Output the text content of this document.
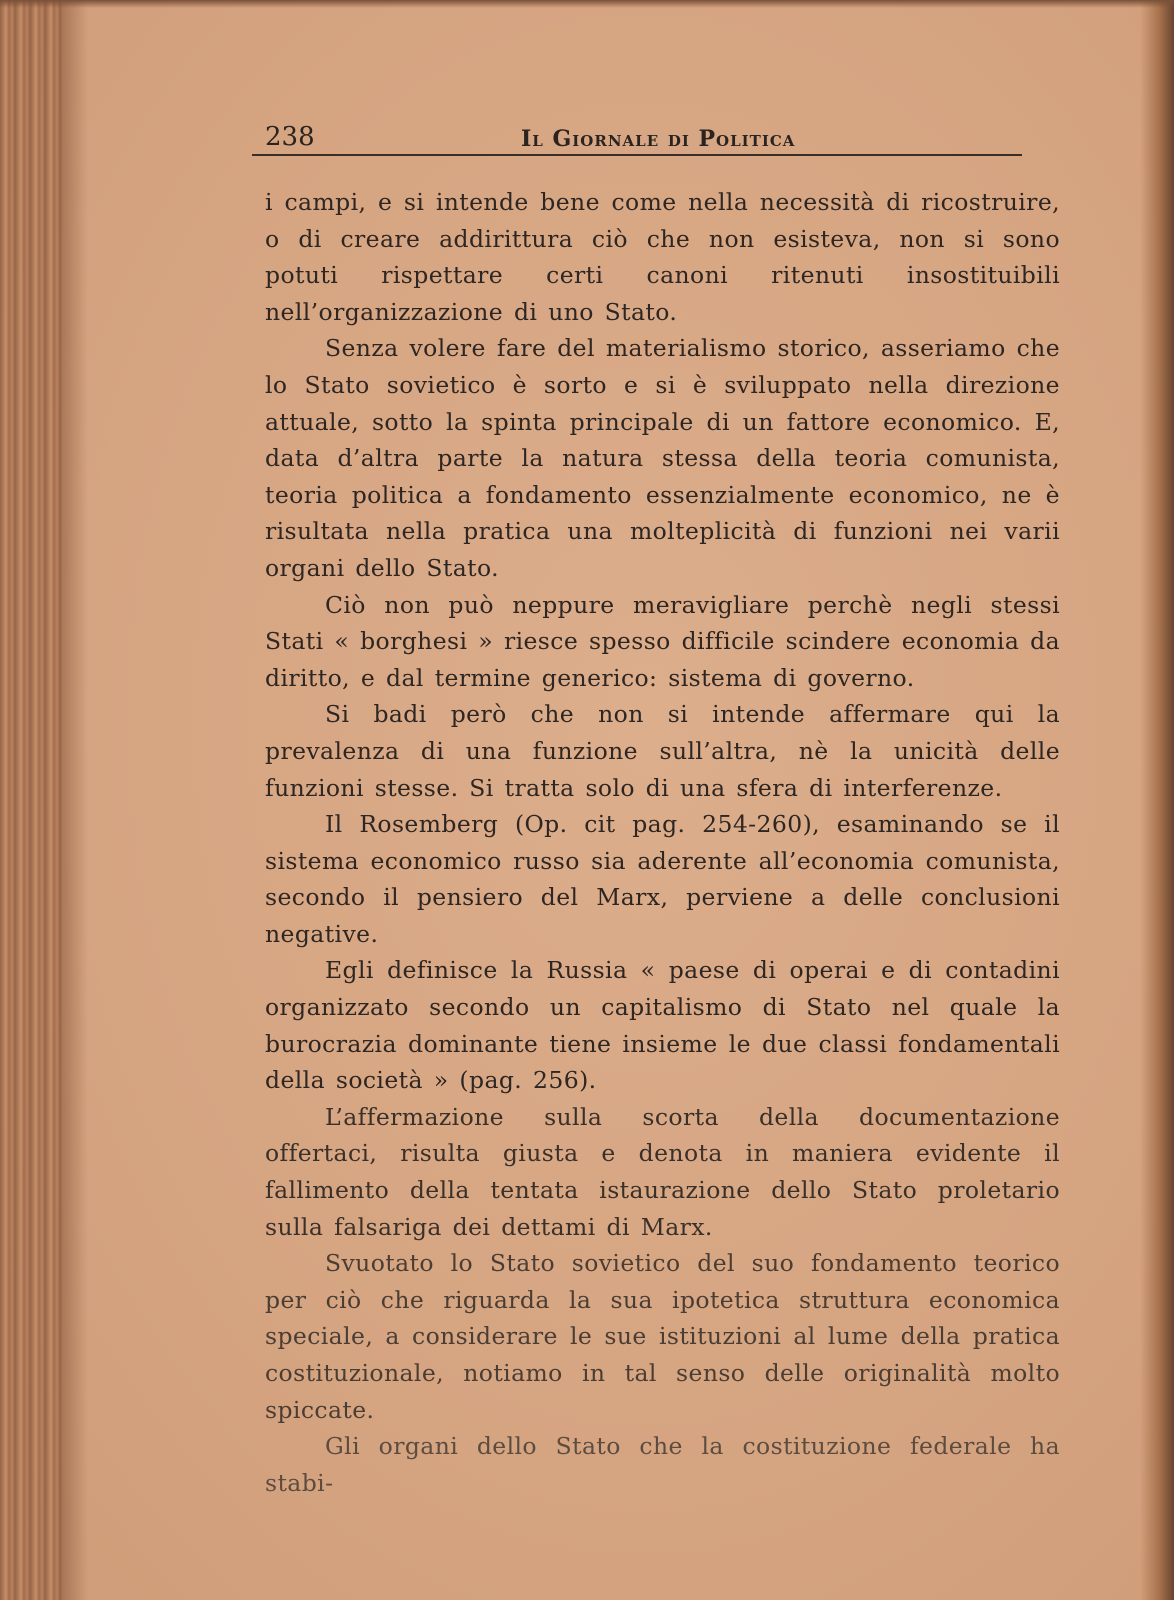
238	Il Giornale di Politica

i campi, e si intende bene come nella necessità di ricostruire, o di creare addirittura ciò che non esisteva, non si sono potuti rispettare certi canoni ritenuti insostituibili nell’organizzazione di uno Stato.

Senza volere fare del materialismo storico, asseriamo che lo Stato sovietico è sorto e si è sviluppato nella direzione attuale, sotto la spinta principale di un fattore economico. E, data d’altra parte la natura stessa della teoria comunista, teoria politica a fondamento essenzialmente economico, ne è risultata nella pratica una molteplicità di funzioni nei varii organi dello Stato.

Ciò non può neppure meravigliare perchè negli stessi Stati « borghesi » riesce spesso difficile scindere economia da diritto, e dal termine generico: sistema di governo.

Si badi però che non si intende affermare qui la prevalenza di una funzione sull’altra, nè la unicità delle funzioni stesse. Si tratta solo di una sfera di interferenze.

Il Rosemberg (Op. cit pag. 254-260), esaminando se il sistema economico russo sia aderente all’economia comunista, secondo il pensiero del Marx, perviene a delle conclusioni negative.

Egli definisce la Russia « paese di operai e di contadini organizzato secondo un capitalismo di Stato nel quale la burocrazia dominante tiene insieme le due classi fondamentali della società » (pag. 256).

L’affermazione sulla scorta della documentazione offertaci, risulta giusta e denota in maniera evidente il fallimento della tentata istaurazione dello Stato proletario sulla falsariga dei dettami di Marx.

Svuotato lo Stato sovietico del suo fondamento teorico per ciò che riguarda la sua ipotetica struttura economica speciale, a considerare le sue istituzioni al lume della pratica costituzionale, notiamo in tal senso delle originalità molto spiccate.

Gli organi dello Stato che la costituzione federale ha stabi-
